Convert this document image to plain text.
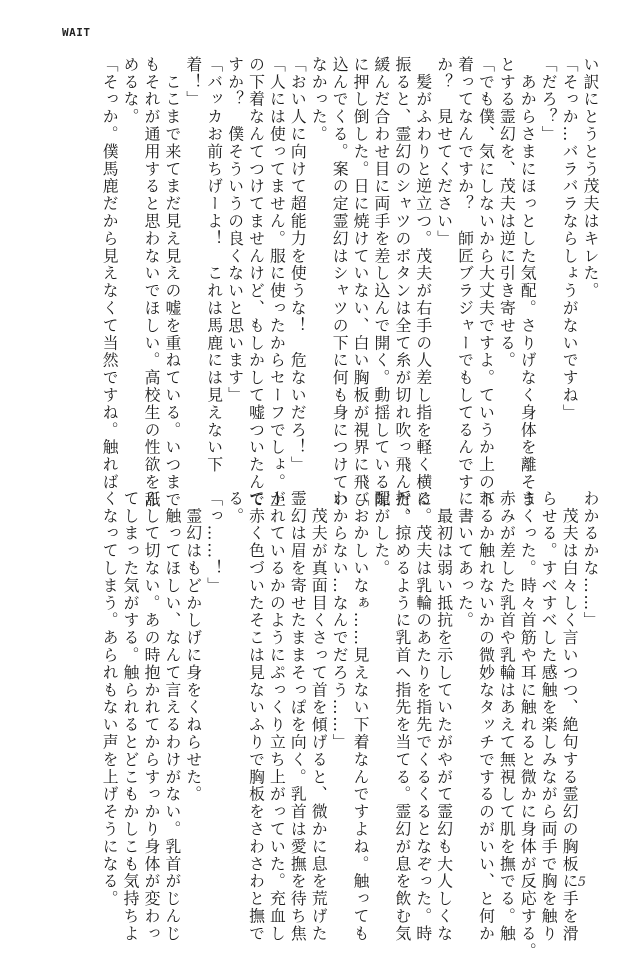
WAIT
い訳にとうとう茂夫はキレた。
「そっか…バラバラならしょうがないですね」
「だろ？」
　あからさまにほっとした気配。さりげなく身体を離そう
とする霊幻を、茂夫は逆に引き寄せる。
「でも僕、気にしないから大丈夫ですよ。ていうか上の下
着ってなんですか？　師匠ブラジャーでもしてるんです
か？　見せてください」
　髪がふわりと逆立つ。茂夫が右手の人差し指を軽く横に
振ると、霊幻のシャツのボタンは全て糸が切れ吹っ飛んだ。
緩んだ合わせ目に両手を差し込んで開く。動揺している隙
に押し倒した。日に焼けていない、白い胸板が視界に飛び
込んでくる。案の定霊幻はシャツの下に何も身につけてい
なかった。
「おい人に向けて超能力を使うな！　危ないだろ！」
「人には使ってません。服に使ったからセーフでしょ。上
の下着なんてつけてませんけど、もしかして嘘ついたんで
すか？　僕そういうの良くないと思います」
「バッカお前ちげーよ！　これは馬鹿には見えない下
着！」
　ここまで来てまだ見え見えの嘘を重ねている。いつまで
もそれが通用すると思わないでほしい。高校生の性欲を舐
めるな。
「そっか。僕馬鹿だから見えなくて当然ですね。触れば
わかるかな……」
　茂夫は白々しく言いつつ、絶句する霊幻の胸板に手を滑
らせる。すべすべした感触を楽しみながら両手で胸を触り
まくった。時々首筋や耳に触れると微かに身体が反応する。
赤みが差した乳首や乳輪はあえて無視して肌を撫でる。触
れるか触れないかの微妙なタッチでするのがいい、と何か
に書いてあった。
　最初は弱い抵抗を示していたがやがて霊幻も大人しくな
る。茂夫は乳輪のあたりを指先でくるくるとなぞった。時
折、掠めるように乳首へ指先を当てる。霊幻が息を飲む気
配がした。
「おかしいなぁ……見えない下着なんですよね。触っても
わからない…なんでだろう……」
　茂夫が真面目くさって首を傾げると、微かに息を荒げた
霊幻は眉を寄せたままそっぽを向く。乳首は愛撫を待ち焦
がれているかのようにぷっくり立ち上がっていた。充血し
て赤く色づいたそこは見ないふりで胸板をさわさわと撫で
る。
「っ……！」
　霊幻はもどかしげに身をくねらせた。
　触ってほしい、なんて言えるわけがない。乳首がじんじ
んして切ない。あの時抱かれてからすっかり身体が変わっ
てしまった気がする。触られるとどこもかしこも気持ちよ
くなってしまう。あられもない声を上げそうになる。	5
